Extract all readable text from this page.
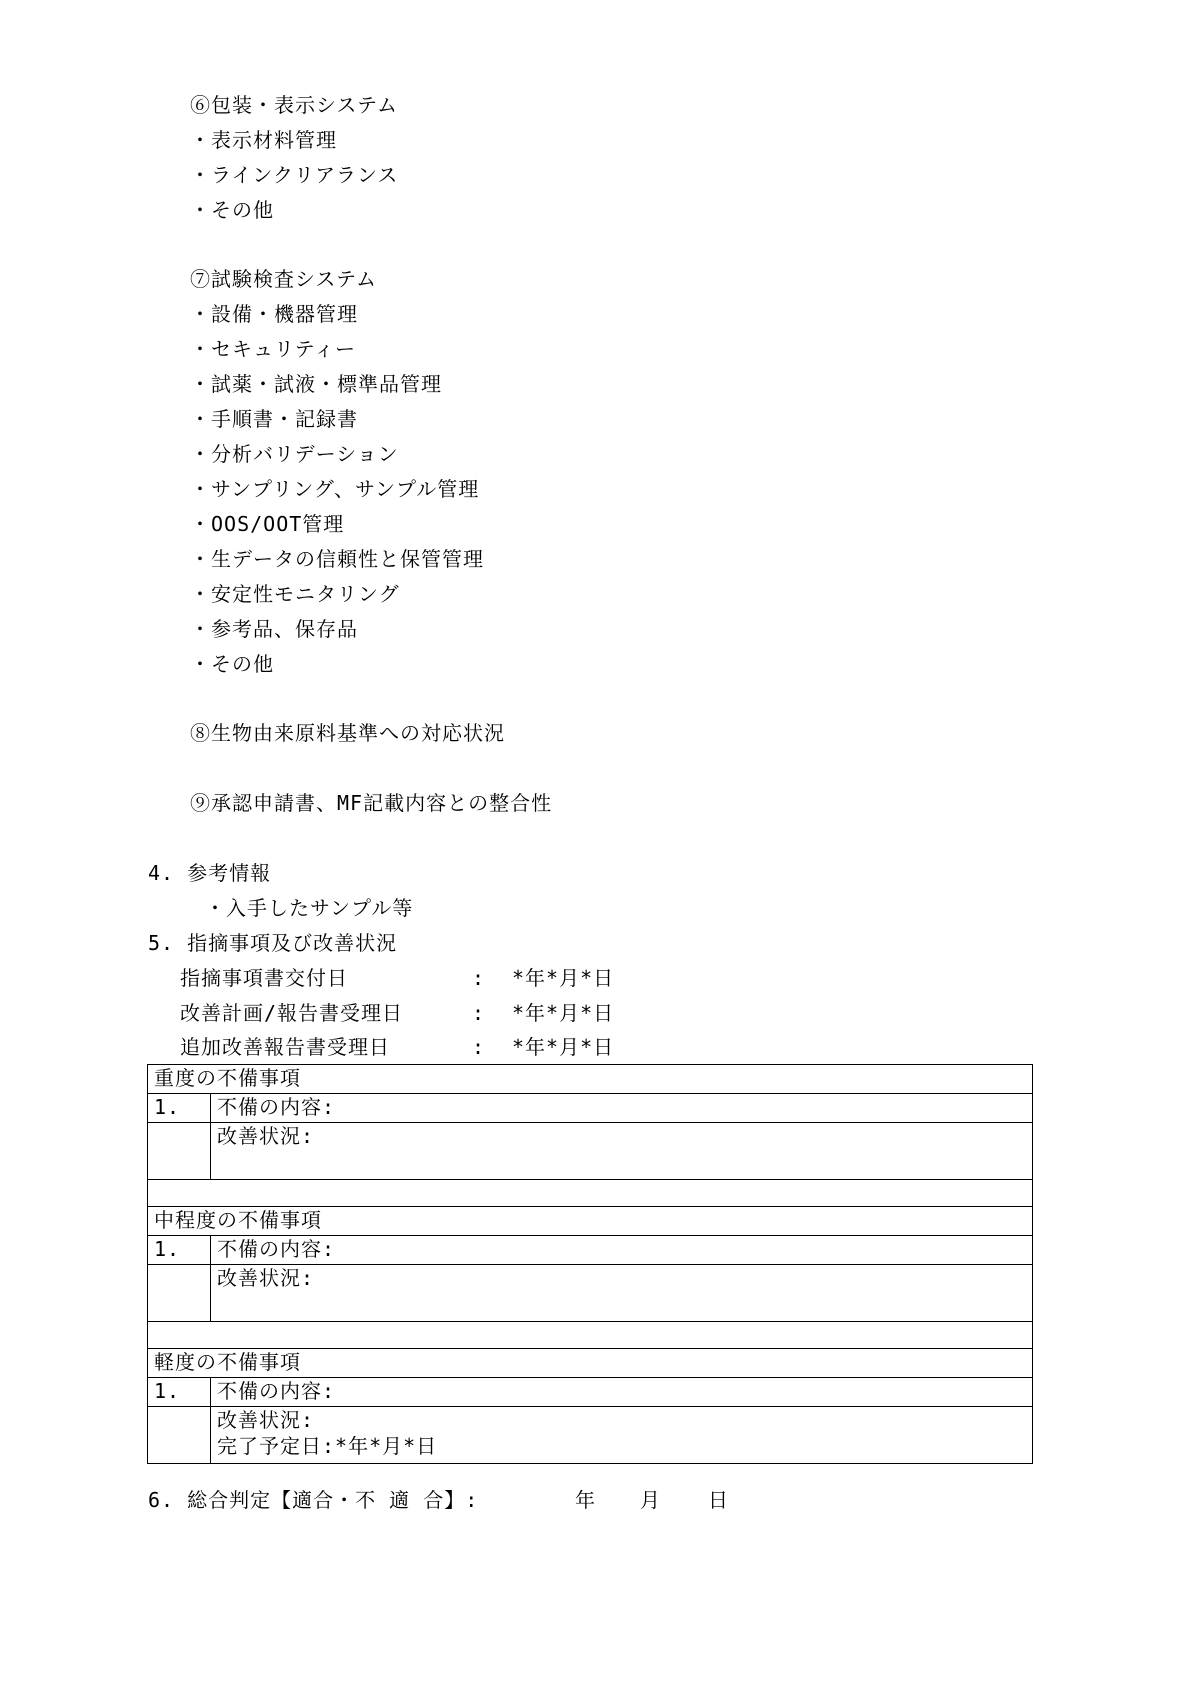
⑥包装・表示システム
・表示材料管理
・ラインクリアランス
・その他
⑦試験検査システム
・設備・機器管理
・セキュリティー
・試薬・試液・標準品管理
・手順書・記録書
・分析バリデーション
・サンプリング、サンプル管理
・OOS/OOT管理
・生データの信頼性と保管管理
・安定性モニタリング
・参考品、保存品
・その他
⑧生物由来原料基準への対応状況
⑨承認申請書、MF記載内容との整合性
4. 参考情報
・入手したサンプル等
5. 指摘事項及び改善状況
指摘事項書交付日	: *年*月*日
改善計画/報告書受理日	: *年*月*日
追加改善報告書受理日	: *年*月*日
重度の不備事項	
1.	不備の内容:
	改善状況:

中程度の不備事項	
1.	不備の内容:
	改善状況:

軽度の不備事項	
1.	不備の内容:

	改善状況:
完了予定日:*年*月*日
6. 総合判定【適合・不 適 合】:	年 月 日
